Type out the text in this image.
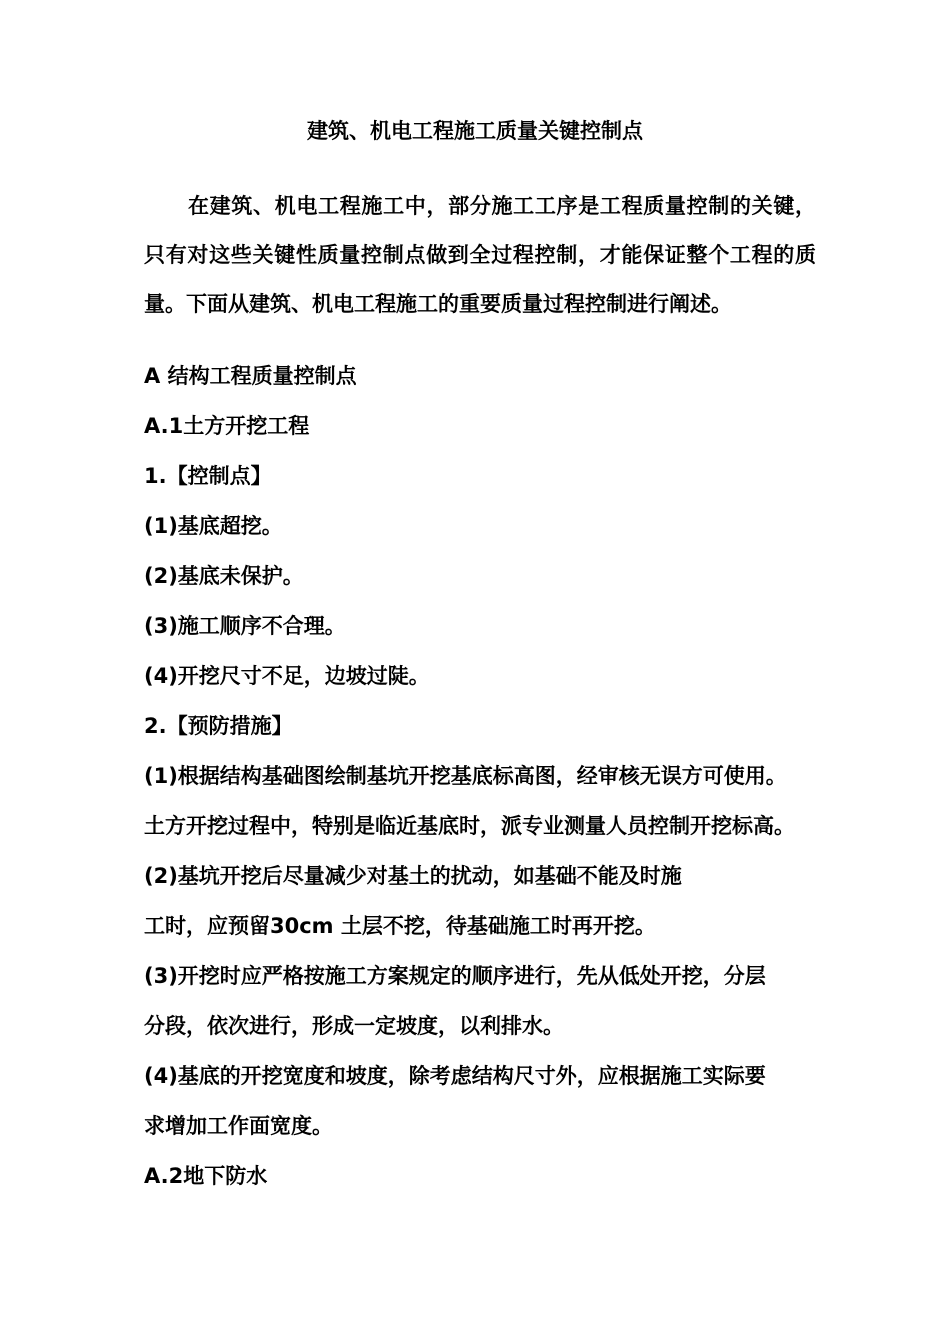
建筑、机电工程施工质量关键控制点

在建筑、机电工程施工中，部分施工工序是工程质量控制的关键，只有对这些关键性质量控制点做到全过程控制，才能保证整个工程的质量。下面从建筑、机电工程施工的重要质量过程控制进行阐述。

A 结构工程质量控制点

A.1土方开挖工程

1.【控制点】

(1)基底超挖。

(2)基底未保护。

(3)施工顺序不合理。

(4)开挖尺寸不足，边坡过陡。

2.【预防措施】

(1)根据结构基础图绘制基坑开挖基底标高图，经审核无误方可使用。

土方开挖过程中，特别是临近基底时，派专业测量人员控制开挖标高。

(2)基坑开挖后尽量减少对基土的扰动，如基础不能及时施

工时，应预留30cm 土层不挖，待基础施工时再开挖。

(3)开挖时应严格按施工方案规定的顺序进行，先从低处开挖，分层

分段，依次进行，形成一定坡度，以利排水。

(4)基底的开挖宽度和坡度，除考虑结构尺寸外，应根据施工实际要

求增加工作面宽度。

A.2地下防水
